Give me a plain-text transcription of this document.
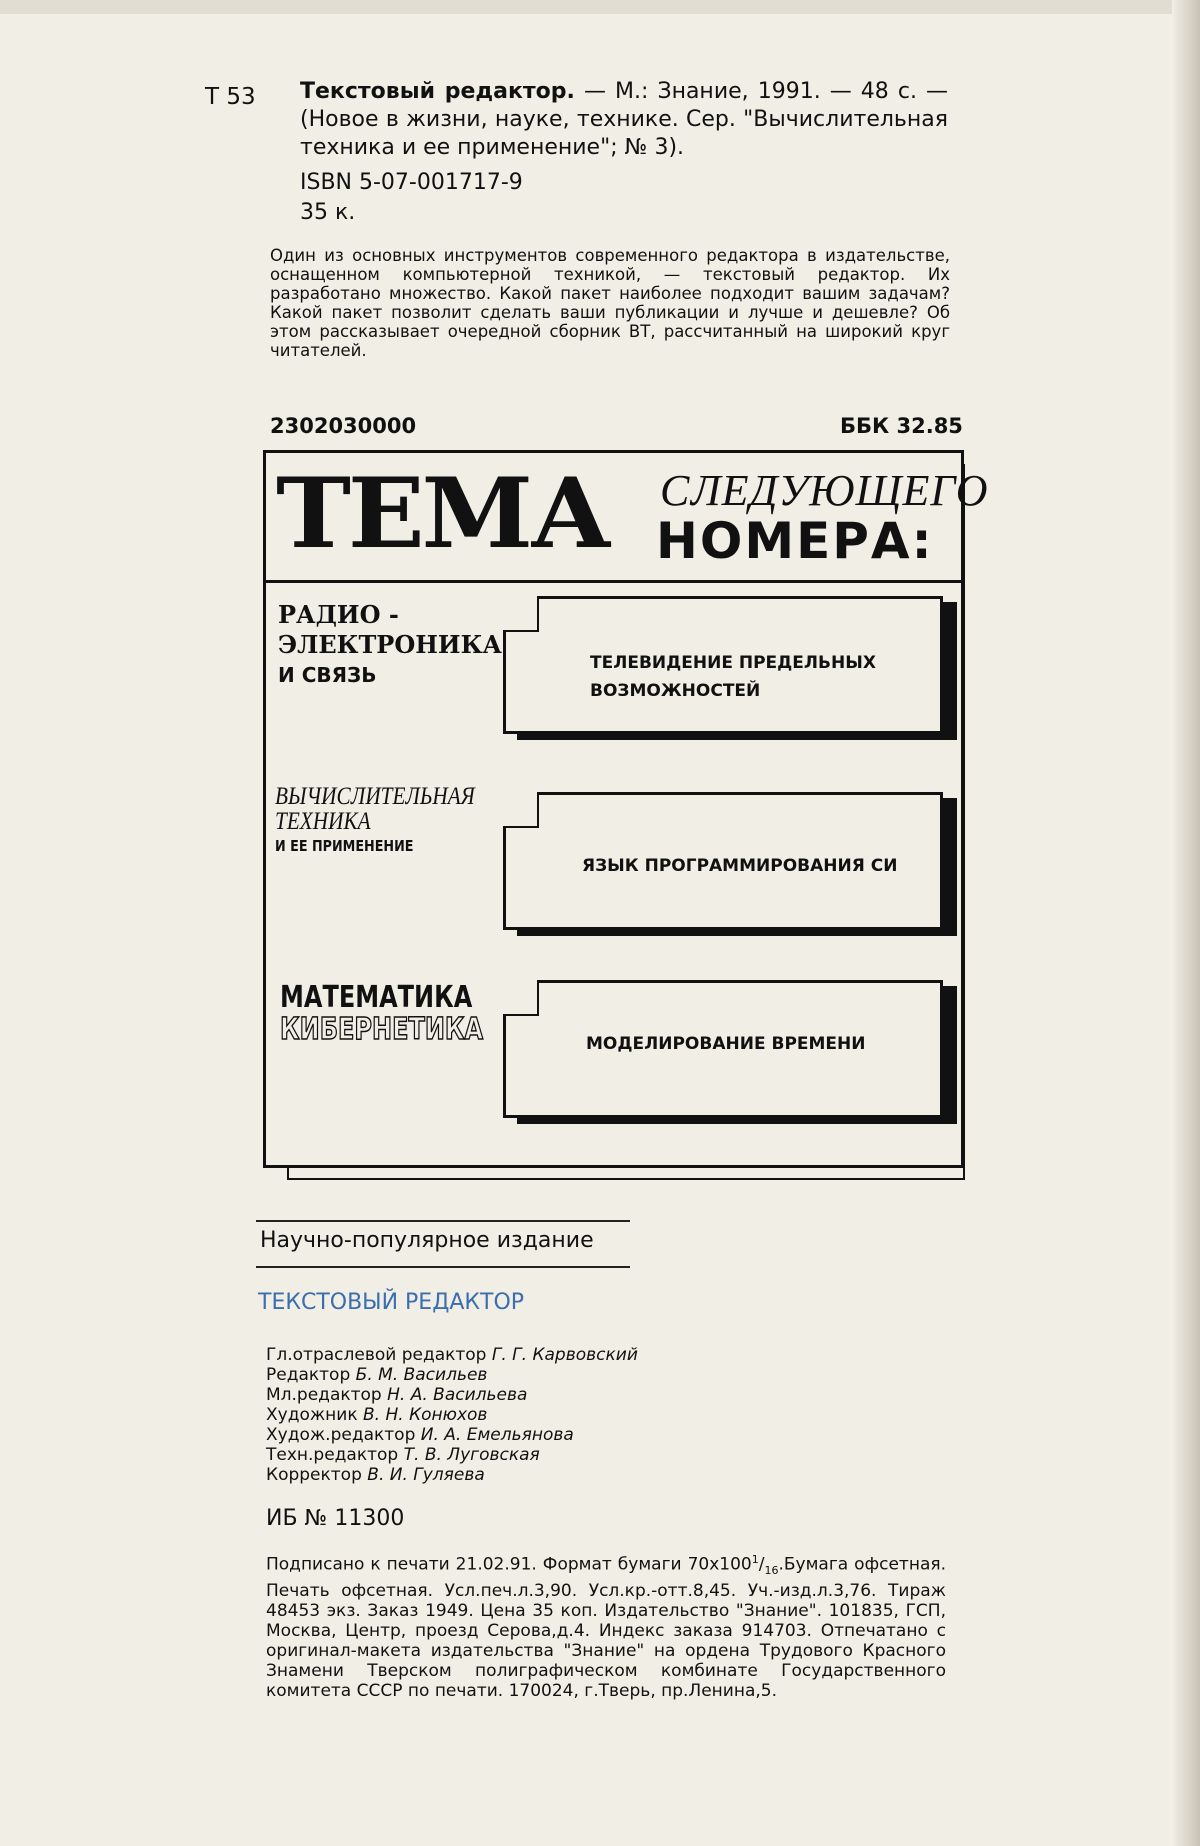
Т 53 Текстовый редактор. — М.: Знание, 1991. — 48 с. — (Новое в жизни, науке, технике. Сер. "Вычислительная техника и ее применение"; № 3).
ISBN 5-07-001717-9
35 к.
Один из основных инструментов современного редактора в издательстве, оснащенном компьютерной техникой, — текстовый редактор. Их разработано множество. Какой пакет наиболее подходит вашим задачам? Какой пакет позволит сделать ваши публикации и лучше и дешевле? Об этом рассказывает очередной сборник ВТ, рассчитанный на широкий круг читателей.
2302030000	ББК 32.85
ТЕМА СЛЕДУЮЩЕГО
НОМЕРА:
РАДИО -
ЭЛЕКТРОНИКА
И СВЯЗЬ	ТЕЛЕВИДЕНИЕ ПРЕДЕЛЬНЫХ
ВОЗМОЖНОСТЕЙ
ВЫЧИСЛИТЕЛЬНАЯ
ТЕХНИКА
И ЕЕ ПРИМЕНЕНИЕ
ЯЗЫК ПРОГРАММИРОВАНИЯ СИ
МАТЕМАТИКА
КИБЕРНЕТИКА	МОДЕЛИРОВАНИЕ ВРЕМЕНИ
Научно-популярное издание
ТЕКСТОВЫЙ РЕДАКТОР
Гл.отраслевой редактор Г. Г. Карвовский
Редактор Б. М. Васильев
Мл.редактор Н. А. Васильева
Художник В. Н. Конюхов
Худож.редактор И. А. Емельянова
Техн.редактор Т. В. Луговская
Корректор В. И. Гуляева
ИБ № 11300
Подписано к печати 21.02.91. Формат бумаги $70х100^1/_{16}.Бумага$ офсетная. Печать офсетная. Усл.печ.л.3,90. Усл.кр.-отт.8,45. Уч.-изд.л.3,76. Тираж 48453 экз. Заказ 1949. Цена 35 коп. Издательство "Знание". 101835, ГСП, Москва, Центр, проезд Серова,д.4. Индекс заказа 914703. Отпечатано с оригинал-макета издательства "Знание" на ордена Трудового Красного Знамени Тверском полиграфическом комбинате Государственного комитета СССР по печати. 170024, г.Тверь, пр.Ленина,5.
